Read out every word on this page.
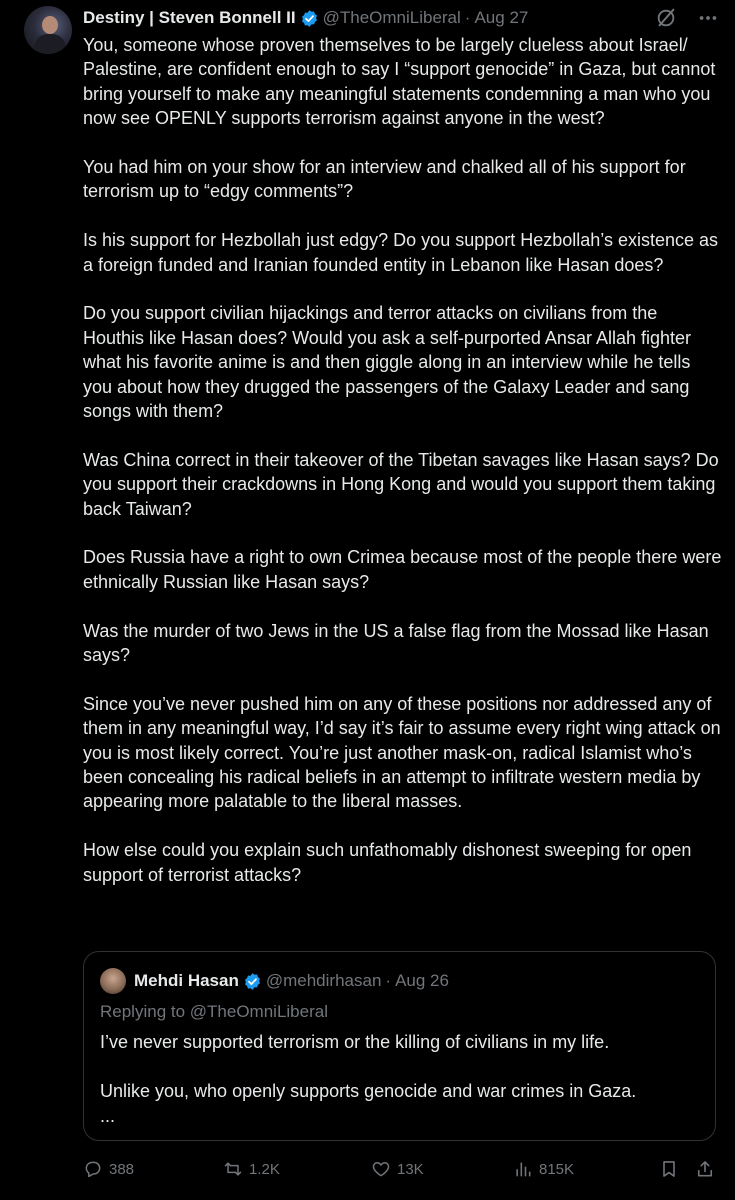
Destiny | Steven Bonnell II @TheOmniLiberal · Aug 27

You, someone whose proven themselves to be largely clueless about Israel/ Palestine, are confident enough to say I “support genocide” in Gaza, but cannot bring yourself to make any meaningful statements condemning a man who you now see OPENLY supports terrorism against anyone in the west?

You had him on your show for an interview and chalked all of his support for terrorism up to “edgy comments”?

Is his support for Hezbollah just edgy? Do you support Hezbollah’s existence as a foreign funded and Iranian founded entity in Lebanon like Hasan does?

Do you support civilian hijackings and terror attacks on civilians from the Houthis like Hasan does? Would you ask a self-purported Ansar Allah fighter what his favorite anime is and then giggle along in an interview while he tells you about how they drugged the passengers of the Galaxy Leader and sang songs with them?

Was China correct in their takeover of the Tibetan savages like Hasan says? Do you support their crackdowns in Hong Kong and would you support them taking back Taiwan?

Does Russia have a right to own Crimea because most of the people there were ethnically Russian like Hasan says?

Was the murder of two Jews in the US a false flag from the Mossad like Hasan says?

Since you’ve never pushed him on any of these positions nor addressed any of them in any meaningful way, I’d say it’s fair to assume every right wing attack on you is most likely correct. You’re just another mask-on, radical Islamist who’s been concealing his radical beliefs in an attempt to infiltrate western media by appearing more palatable to the liberal masses.

How else could you explain such unfathomably dishonest sweeping for open support of terrorist attacks?

Mehdi Hasan @mehdirhasan · Aug 26
Replying to @TheOmniLiberal

I’ve never supported terrorism or the killing of civilians in my life.

Unlike you, who openly supports genocide and war crimes in Gaza.

...

388	1.2K	13K	815K
